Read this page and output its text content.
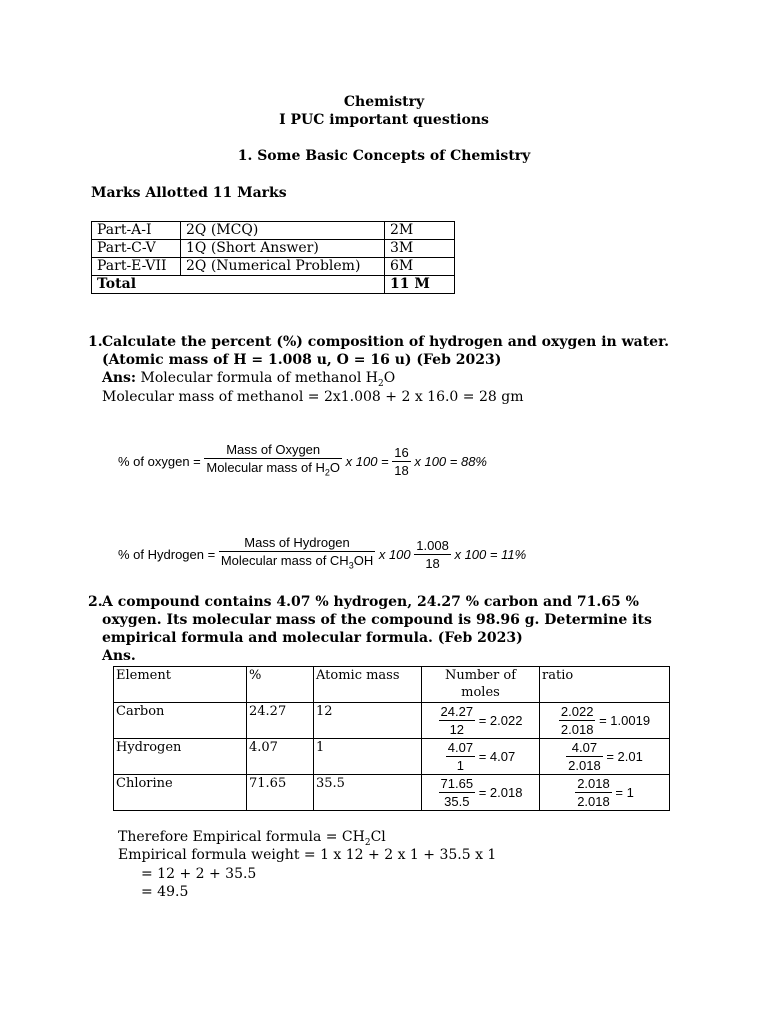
Chemistry
I PUC important questions
1. Some Basic Concepts of Chemistry
Marks Allotted 11 Marks
Part-A-I	2Q (MCQ)	2M
Part-C-V	1Q (Short Answer)	3M
Part-E-VII	2Q (Numerical Problem)	6M
Total		11 M
1. Calculate the percent (%) composition of hydrogen and oxygen in water.
(Atomic mass of H = 1.008 u, O = 16 u) (Feb 2023)
Ans: Molecular formula of methanol $H_2O$
Molecular mass of methanol = 2x1.008 + 2 x 16.0 = 28 gm
% of oxygen = $\frac{\text{Mass of Oxygen}}{Molecular mass of H_2O}$ x $100 = \frac{16}{18}$ x 100 = 88%
% of Hydrogen = $\frac{\text{Mass of Hydrogen}}{Molecular mass of CH_3OH}$ x $100 \frac{1.008}{18}$ x 100 = 11%
2. A compound contains 4.07 % hydrogen, 24.27 % carbon and 71.65 %
oxygen. Its molecular mass of the compound is 98.96 g. Determine its
empirical formula and molecular formula. (Feb 2023)
Ans.
Element	%	Atomic mass	Number of moles	ratio
Carbon	24.27	12	$\frac{24.27}{12} = 2.022$	$\frac{2.022}{2.018} = 1.0019$
Hydrogen	4.07	1	$\frac{4.07}{1} = 4.07$	$\frac{4.07}{2.018} = 2.01$
Chlorine	71.65	35.5	$\frac{71.65}{35.5} = 2.018$	$\frac{2.018}{2.018} = 1$
Therefore Empirical formula = $CH_2Cl$
Empirical formula weight = 1 x 12 + 2 x 1 + 35.5 x 1
= 12 + 2 + 35.5
= 49.5
